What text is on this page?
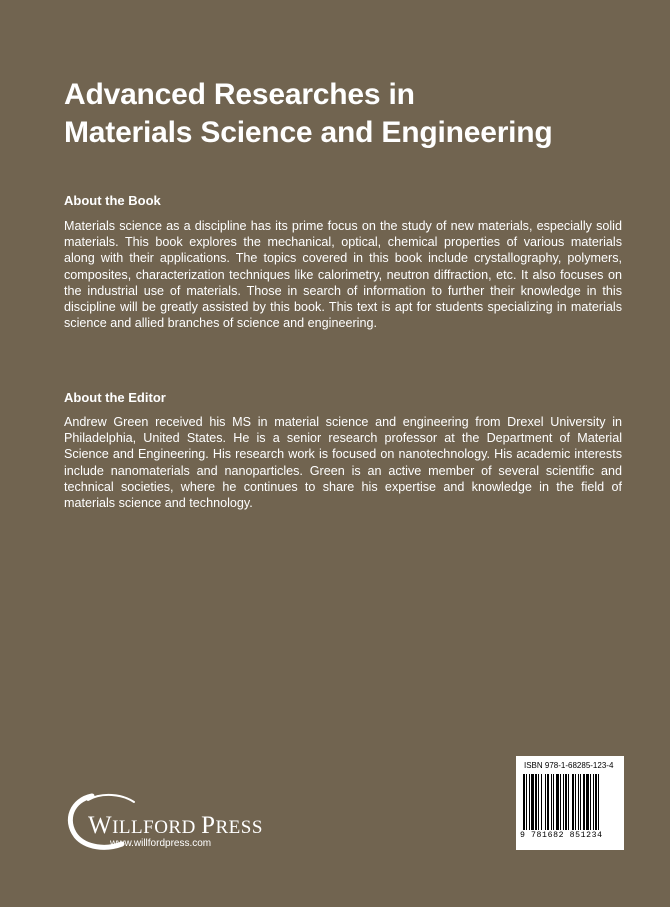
Advanced Researches in
Materials Science and Engineering
About the Book
Materials science as a discipline has its prime focus on the study of new materials, especially solid materials. This book explores the mechanical, optical, chemical properties of various materials along with their applications. The topics covered in this book include crystallography, polymers, composites, characterization techniques like calorimetry, neutron diffraction, etc. It also focuses on the industrial use of materials. Those in search of information to further their knowledge in this discipline will be greatly assisted by this book. This text is apt for students specializing in materials science and allied branches of science and engineering.
About the Editor
Andrew Green received his MS in material science and engineering from Drexel University in Philadelphia, United States. He is a senior research professor at the Department of Material Science and Engineering. His research work is focused on nanotechnology. His academic interests include nanomaterials and nanoparticles. Green is an active member of several scientific and technical societies, where he continues to share his expertise and knowledge in the field of materials science and technology.
WILLFORD PRESS
www.willfordpress.com
ISBN 978-1-68285-123-4
9 781682 851234
